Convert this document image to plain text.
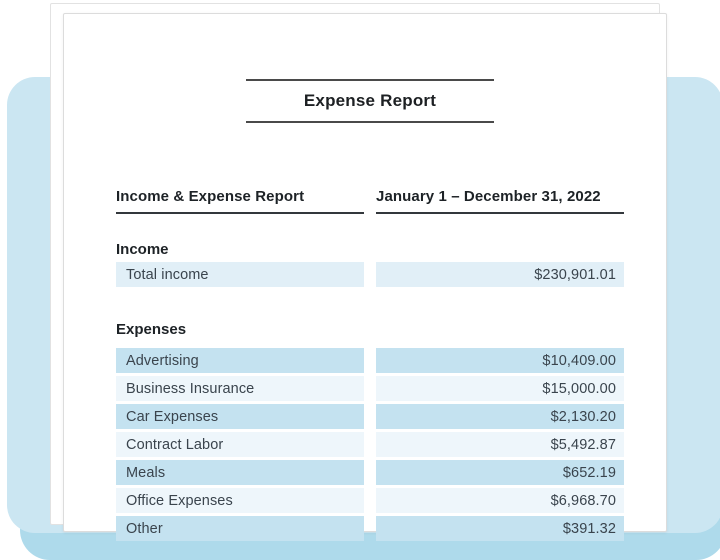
Expense Report
Income & Expense Report	January 1 – December 31, 2022
Income
Total income	$230,901.01
Expenses
Advertising	$10,409.00
Business Insurance	$15,000.00
Car Expenses	$2,130.20
Contract Labor	$5,492.87
Meals	$652.19
Office Expenses	$6,968.70
Other	$391.32
